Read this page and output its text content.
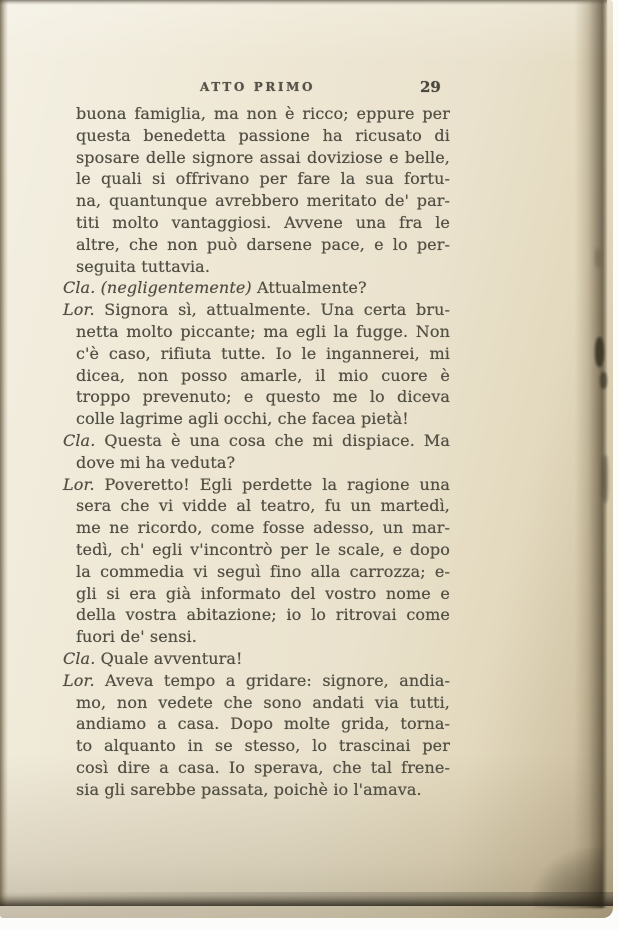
ATTO PRIMO	29
buona famiglia, ma non è ricco; eppure per
questa benedetta passione ha ricusato di
sposare delle signore assai doviziose e belle,
le quali si offrivano per fare la sua fortu-
na, quantunque avrebbero meritato de' par-
titi molto vantaggiosi. Avvene una fra le
altre, che non può darsene pace, e lo per-
seguita tuttavia.
Cla. (negligentemente) Attualmente?
Lor. Signora sì, attualmente. Una certa bru-
netta molto piccante; ma egli la fugge. Non
c'è caso, rifiuta tutte. Io le ingannerei, mi
dicea, non posso amarle, il mio cuore è
troppo prevenuto; e questo me lo diceva
colle lagrime agli occhi, che facea pietà!
Cla. Questa è una cosa che mi dispiace. Ma
dove mi ha veduta?
Lor. Poveretto! Egli perdette la ragione una
sera che vi vidde al teatro, fu un martedì,
me ne ricordo, come fosse adesso, un mar-
tedì, ch' egli v'incontrò per le scale, e dopo
la commedia vi seguì fino alla carrozza; e-
gli si era già informato del vostro nome e
della vostra abitazione; io lo ritrovai come
fuori de' sensi.
Cla. Quale avventura!
Lor. Aveva tempo a gridare: signore, andia-
mo, non vedete che sono andati via tutti,
andiamo a casa. Dopo molte grida, torna-
to alquanto in se stesso, lo trascinai per
così dire a casa. Io sperava, che tal frene-
sia gli sarebbe passata, poichè io l'amava.
